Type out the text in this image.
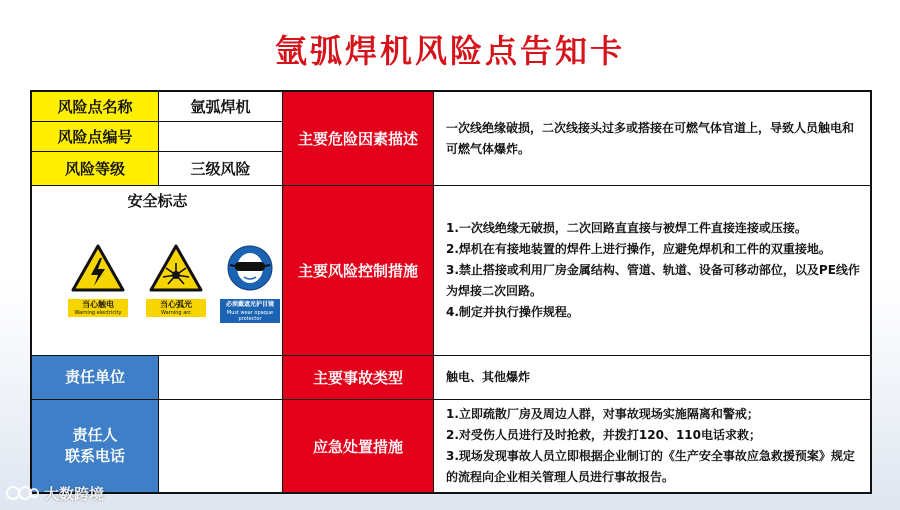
氩弧焊机风险点告知卡
风险点名称	氩弧焊机
风险点编号
风险等级	三级风险
安全标志
当心触电
Warning electricity
当心弧光
Warning arc
必须戴遮光护目镜
Must wear opaque protector
责任单位
责任人
联系电话
主要危险因素描述
主要风险控制措施
主要事故类型
应急处置措施
一次线绝缘破损，二次线接头过多或搭接在可燃气体官道上，导致人员触电和可燃气体爆炸。
1.一次线绝缘无破损，二次回路直直接与被焊工件直接连接或压接。
2.焊机在有接地装置的焊件上进行操作，应避免焊机和工件的双重接地。
3.禁止搭接或利用厂房金属结构、管道、轨道、设备可移动部位，以及PE线作为焊接二次回路。
4.制定并执行操作规程。
触电、其他爆炸
1.立即疏散厂房及周边人群，对事故现场实施隔离和警戒；
2.对受伤人员进行及时抢救，并拨打120、110电话求救；
3.现场发现事故人员立即根据企业制订的《生产安全事故应急救援预案》规定的流程向企业相关管理人员进行事故报告。
大数跨境
